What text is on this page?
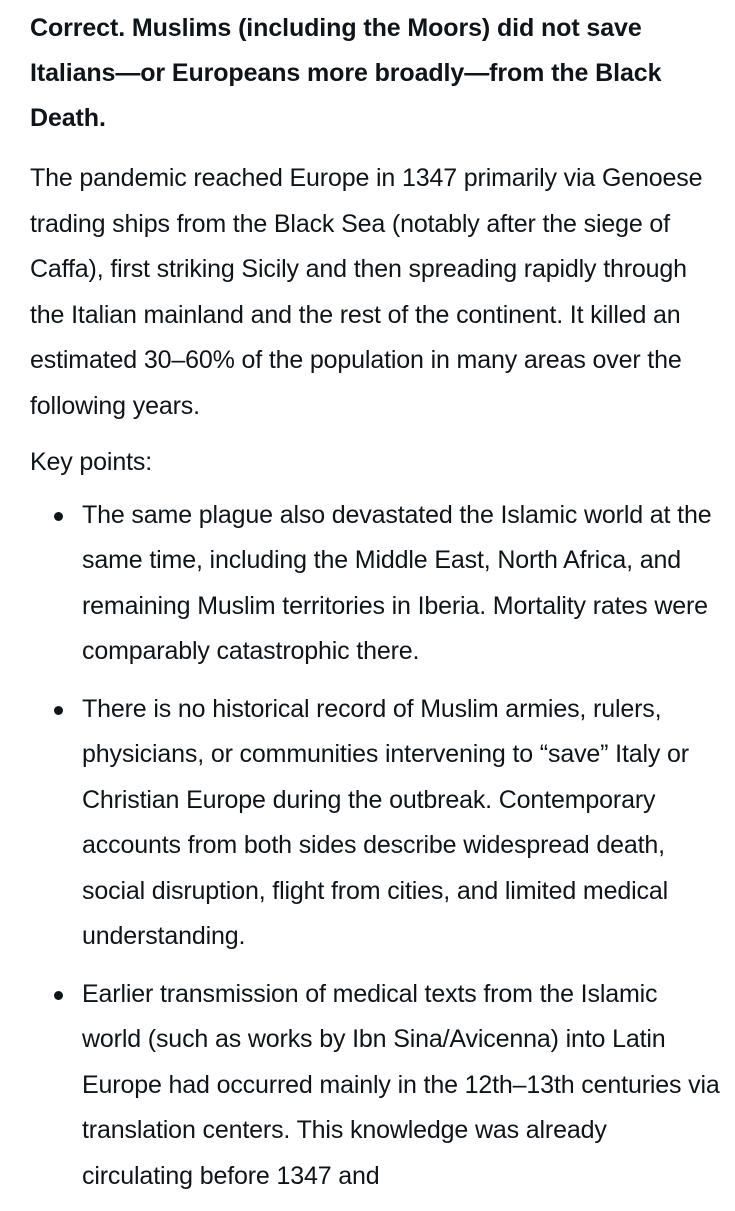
Correct. Muslims (including the Moors) did not save Italians—or Europeans more broadly—from the Black Death.

The pandemic reached Europe in 1347 primarily via Genoese trading ships from the Black Sea (notably after the siege of Caffa), first striking Sicily and then spreading rapidly through the Italian mainland and the rest of the continent. It killed an estimated 30–60% of the population in many areas over the following years.

Key points:

The same plague also devastated the Islamic world at the same time, including the Middle East, North Africa, and remaining Muslim territories in Iberia. Mortality rates were comparably catastrophic there.
There is no historical record of Muslim armies, rulers, physicians, or communities intervening to “save” Italy or Christian Europe during the outbreak. Contemporary accounts from both sides describe widespread death, social disruption, flight from cities, and limited medical understanding.
Earlier transmission of medical texts from the Islamic world (such as works by Ibn Sina/Avicenna) into Latin Europe had occurred mainly in the 12th–13th centuries via translation centers. This knowledge was already circulating before 1347 and
